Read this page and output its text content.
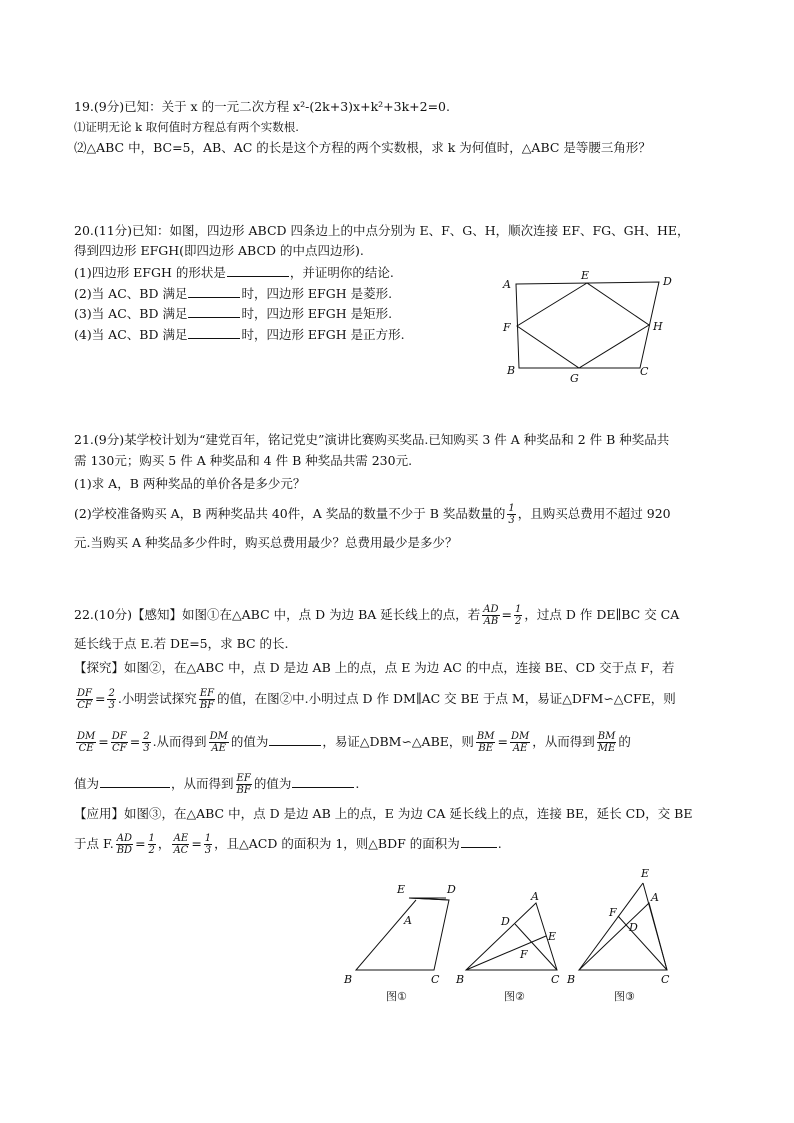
19.(9分)已知：关于 x 的一元二次方程 x²-(2k+3)x+k²+3k+2=0.
⑴证明无论 k 取何值时方程总有两个实数根.
⑵△ABC 中，BC=5，AB、AC 的长是这个方程的两个实数根，求 k 为何值时，△ABC 是等腰三角形？
20.(11分)已知：如图，四边形 ABCD 四条边上的中点分别为 E、F、G、H，顺次连接 EF、FG、GH、HE，
得到四边形 EFGH(即四边形 ABCD 的中点四边形).
(1)四边形 EFGH 的形状是	，并证明你的结论.
(2)当 AC、BD 满足	时，四边形 EFGH 是菱形.
(3)当 AC、BD 满足	时，四边形 EFGH 是矩形.
(4)当 AC、BD 满足	时，四边形 EFGH 是正方形.
A
E	D
F	H
B
G
C
21.(9分)某学校计划为“建党百年，铭记党史”演讲比赛购买奖品.已知购买 3 件 A 种奖品和 2 件 B 种奖品共
需 130元；购买 5 件 A 种奖品和 4 件 B 种奖品共需 230元.
(1)求 A，B 两种奖品的单价各是多少元？
(2)学校准备购买 A，B 两种奖品共 40件，A 奖品的数量不少于 B 奖品数量的 $\frac{1}{3}$ ，且购买总费用不超过 920
元.当购买 A 种奖品多少件时，购买总费用最少？总费用最少是多少？
22.(10分)【感知】如图①在△ABC 中，点 D 为边 BA 延长线上的点，若 $\frac{AD}{AB} = \frac{1}{2}$ ，过点 D 作 DE∥BC 交 CA
延长线于点 E.若 DE=5，求 BC 的长.
【探究】如图②，在△ABC 中，点 D 是边 AB 上的点，点 E 为边 AC 的中点，连接 BE、CD 交于点 F，若
$\frac{DF}{CF} = \frac{2}{3}$ .小明尝试探究 $\frac{EF}{BF}$ 的值，在图②中.小明过点 D 作 DM∥AC 交 BE 于点 M，易证△DFM∽△CFE，则
$\frac{DM}{CE} = \frac{DF}{CF} = \frac{2}{3}$ .从而得到 $\frac{DM}{AE}$ 的值为	，易证△DBM∽△ABE，则 $\frac{BM}{BE} = \frac{DM}{AE}$ ，从而得到 $\frac{BM}{ME}$ 的
值为	，从而得到 $\frac{EF}{BF}$ 的值为	.
【应用】如图③，在△ABC 中，点 D 是边 AB 上的点，E 为边 CA 延长线上的点，连接 BE，延长 CD，交 BE
于点 F. $\frac{AD}{BD} = \frac{1}{2}$ ， $\frac{AE}{AC} = \frac{1}{3}$ ，且△ACD 的面积为 1，则△BDF 的面积为	.
E	D
A
B	C
图①
A
D
E
F
B	C
图②
E
A
F
D
B	C
图③
